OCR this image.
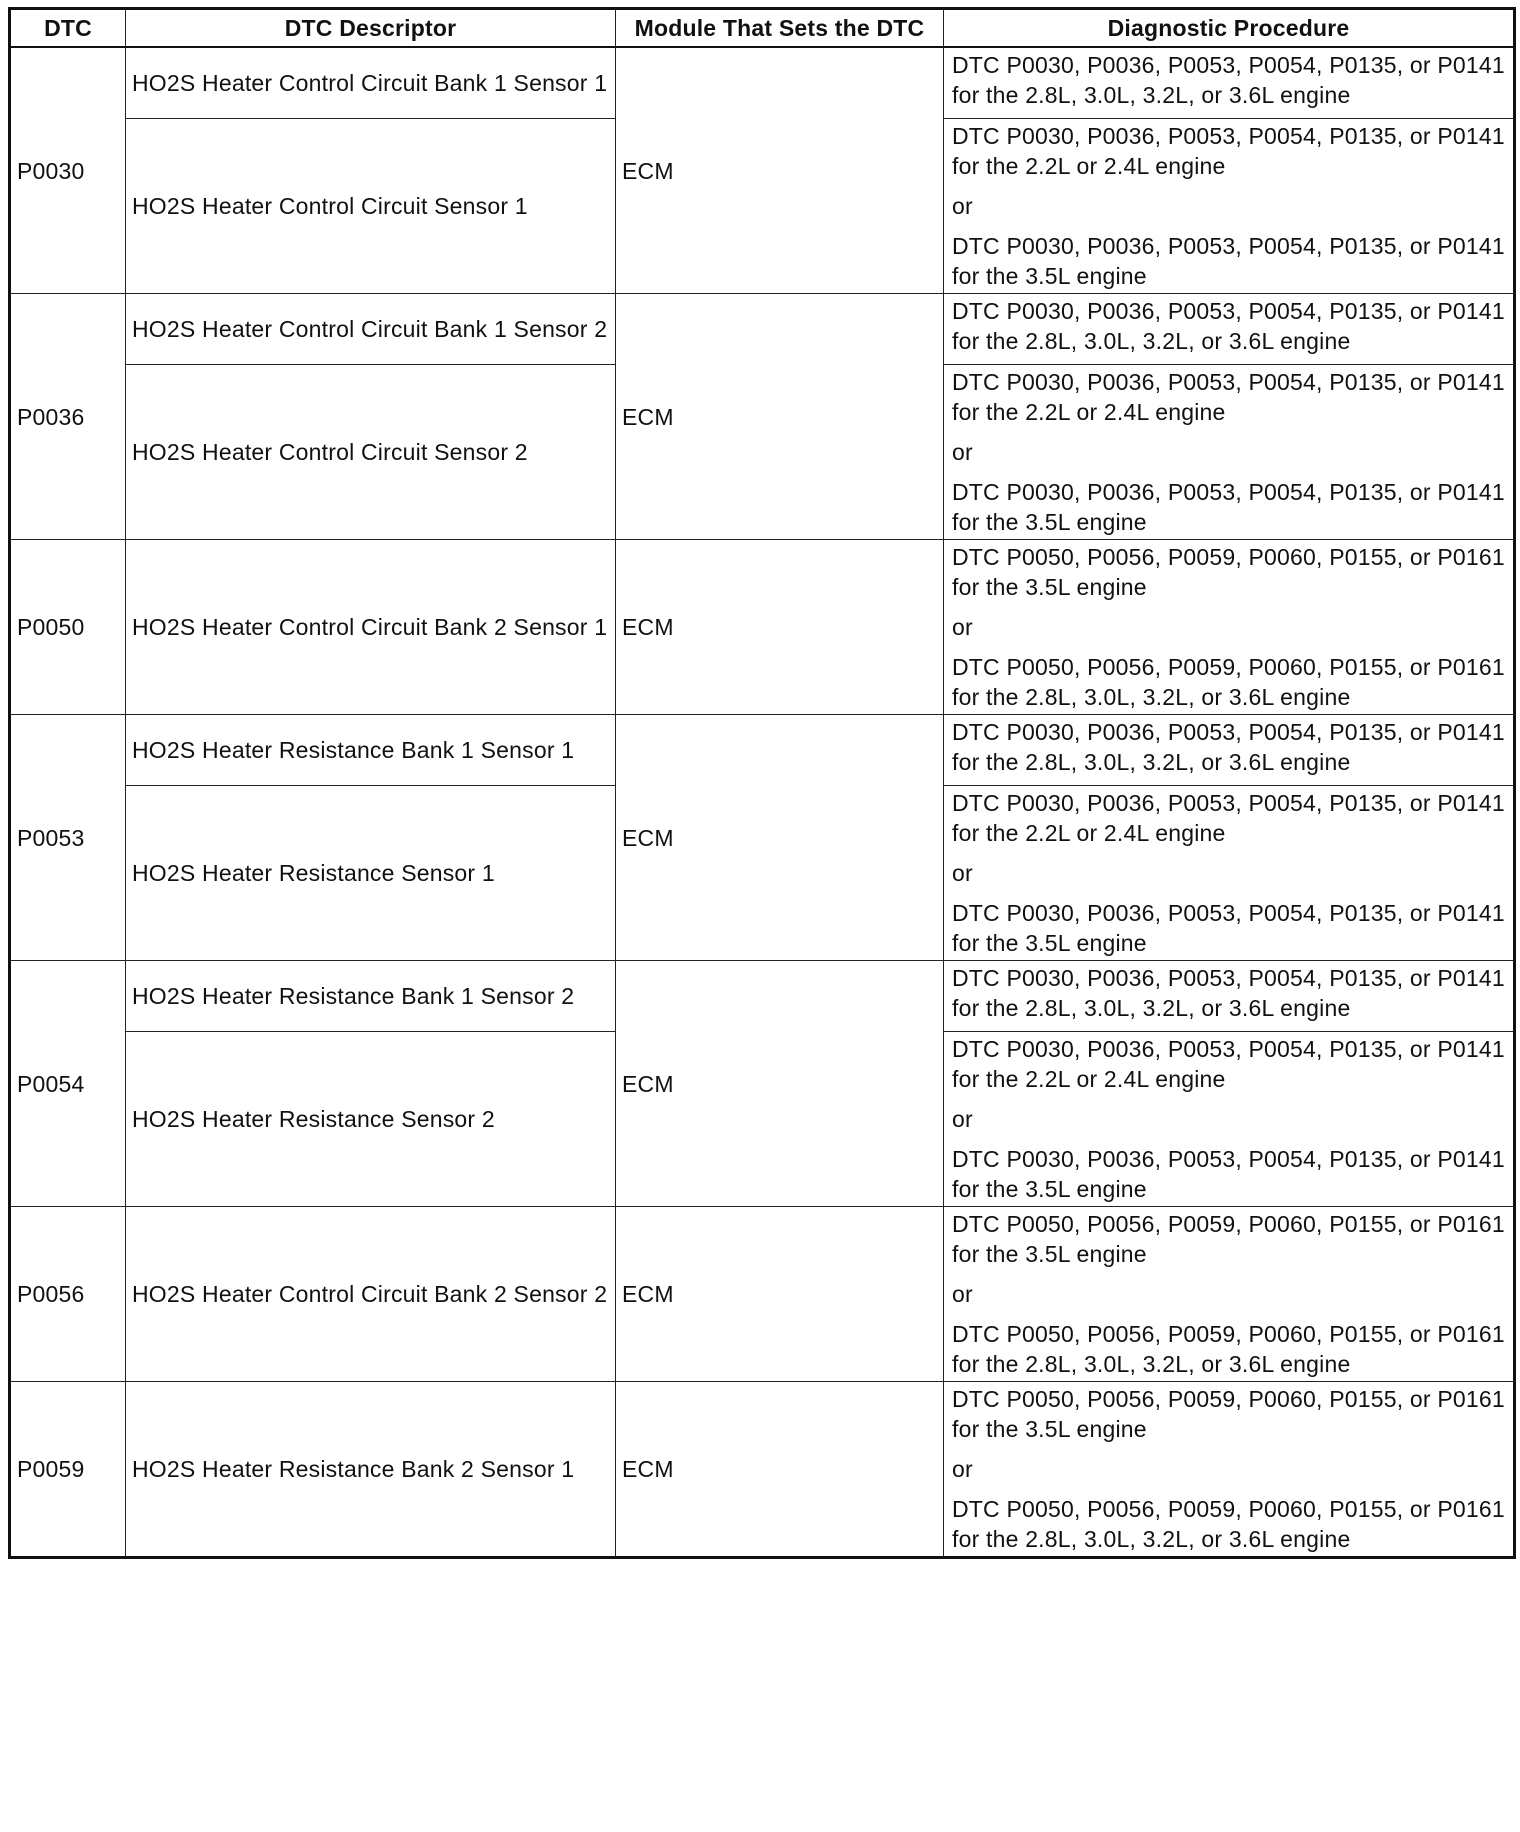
DTC	DTC Descriptor	Module That Sets the DTC	Diagnostic Procedure
P0030	HO2S Heater Control Circuit Bank 1 Sensor 1	ECM	DTC P0030, P0036, P0053, P0054, P0135, or P0141 for the 2.8L, 3.0L, 3.2L, or 3.6L engine

	HO2S Heater Control Circuit Sensor 1		DTC P0030, P0036, P0053, P0054, P0135, or P0141 for the 2.2L or 2.4L engine
or
DTC P0030, P0036, P0053, P0054, P0135, or P0141 for the 3.5L engine

P0036	HO2S Heater Control Circuit Bank 1 Sensor 2	ECM	DTC P0030, P0036, P0053, P0054, P0135, or P0141 for the 2.8L, 3.0L, 3.2L, or 3.6L engine

	HO2S Heater Control Circuit Sensor 2		DTC P0030, P0036, P0053, P0054, P0135, or P0141 for the 2.2L or 2.4L engine
or
DTC P0030, P0036, P0053, P0054, P0135, or P0141 for the 3.5L engine

P0050	HO2S Heater Control Circuit Bank 2 Sensor 1	ECM	DTC P0050, P0056, P0059, P0060, P0155, or P0161 for the 3.5L engine
or
DTC P0050, P0056, P0059, P0060, P0155, or P0161 for the 2.8L, 3.0L, 3.2L, or 3.6L engine

P0053	HO2S Heater Resistance Bank 1 Sensor 1	ECM	DTC P0030, P0036, P0053, P0054, P0135, or P0141 for the 2.8L, 3.0L, 3.2L, or 3.6L engine

	HO2S Heater Resistance Sensor 1		DTC P0030, P0036, P0053, P0054, P0135, or P0141 for the 2.2L or 2.4L engine
or
DTC P0030, P0036, P0053, P0054, P0135, or P0141 for the 3.5L engine

P0054	HO2S Heater Resistance Bank 1 Sensor 2	ECM	DTC P0030, P0036, P0053, P0054, P0135, or P0141 for the 2.8L, 3.0L, 3.2L, or 3.6L engine

	HO2S Heater Resistance Sensor 2		DTC P0030, P0036, P0053, P0054, P0135, or P0141 for the 2.2L or 2.4L engine
or
DTC P0030, P0036, P0053, P0054, P0135, or P0141 for the 3.5L engine

P0056	HO2S Heater Control Circuit Bank 2 Sensor 2	ECM	DTC P0050, P0056, P0059, P0060, P0155, or P0161 for the 3.5L engine
or
DTC P0050, P0056, P0059, P0060, P0155, or P0161 for the 2.8L, 3.0L, 3.2L, or 3.6L engine

P0059	HO2S Heater Resistance Bank 2 Sensor 1	ECM	DTC P0050, P0056, P0059, P0060, P0155, or P0161 for the 3.5L engine
or
DTC P0050, P0056, P0059, P0060, P0155, or P0161 for the 2.8L, 3.0L, 3.2L, or 3.6L engine
